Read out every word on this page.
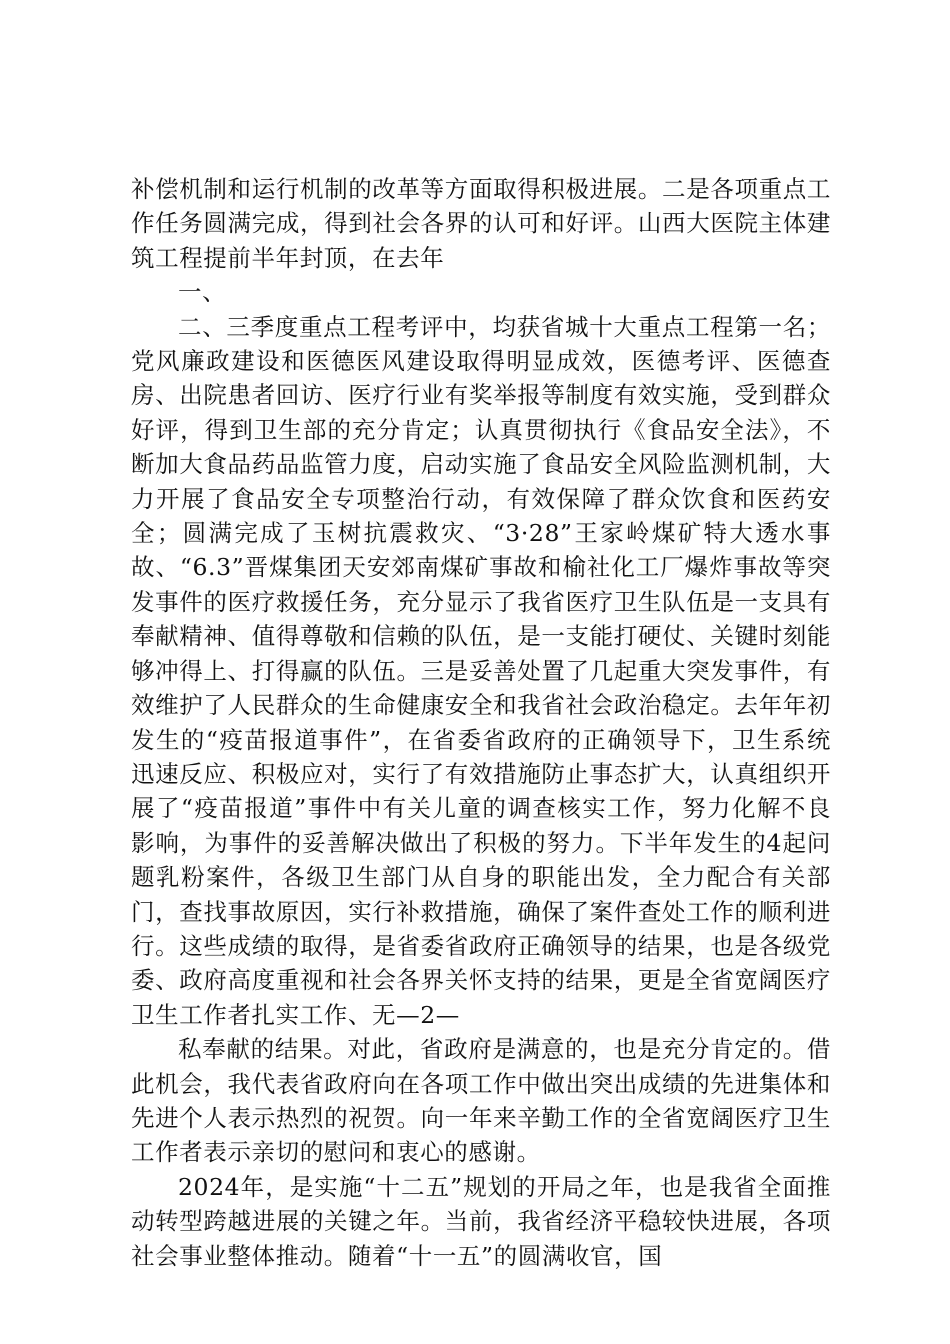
补偿机制和运行机制的改革等方面取得积极进展。二是各项重点工作任务圆满完成，得到社会各界的认可和好评。山西大医院主体建筑工程提前半年封顶，在去年

一、

二、三季度重点工程考评中，均获省城十大重点工程第一名；党风廉政建设和医德医风建设取得明显成效，医德考评、医德查房、出院患者回访、医疗行业有奖举报等制度有效实施，受到群众好评，得到卫生部的充分肯定；认真贯彻执行《食品安全法》，不断加大食品药品监管力度，启动实施了食品安全风险监测机制，大力开展了食品安全专项整治行动，有效保障了群众饮食和医药安全；圆满完成了玉树抗震救灾、“3·28”王家岭煤矿特大透水事故、“6.3”晋煤集团天安郊南煤矿事故和榆社化工厂爆炸事故等突发事件的医疗救援任务，充分显示了我省医疗卫生队伍是一支具有奉献精神、值得尊敬和信赖的队伍，是一支能打硬仗、关键时刻能够冲得上、打得赢的队伍。三是妥善处置了几起重大突发事件，有效维护了人民群众的生命健康安全和我省社会政治稳定。去年年初发生的“疫苗报道事件”，在省委省政府的正确领导下，卫生系统迅速反应、积极应对，实行了有效措施防止事态扩大，认真组织开展了“疫苗报道”事件中有关儿童的调查核实工作，努力化解不良影响，为事件的妥善解决做出了积极的努力。下半年发生的4起问题乳粉案件，各级卫生部门从自身的职能出发，全力配合有关部门，查找事故原因，实行补救措施，确保了案件查处工作的顺利进行。这些成绩的取得，是省委省政府正确领导的结果，也是各级党委、政府高度重视和社会各界关怀支持的结果，更是全省宽阔医疗卫生工作者扎实工作、无—2—

私奉献的结果。对此，省政府是满意的，也是充分肯定的。借此机会，我代表省政府向在各项工作中做出突出成绩的先进集体和先进个人表示热烈的祝贺。向一年来辛勤工作的全省宽阔医疗卫生工作者表示亲切的慰问和衷心的感谢。

2024年，是实施“十二五”规划的开局之年，也是我省全面推动转型跨越进展的关键之年。当前，我省经济平稳较快进展，各项社会事业整体推动。随着“十一五”的圆满收官，国
